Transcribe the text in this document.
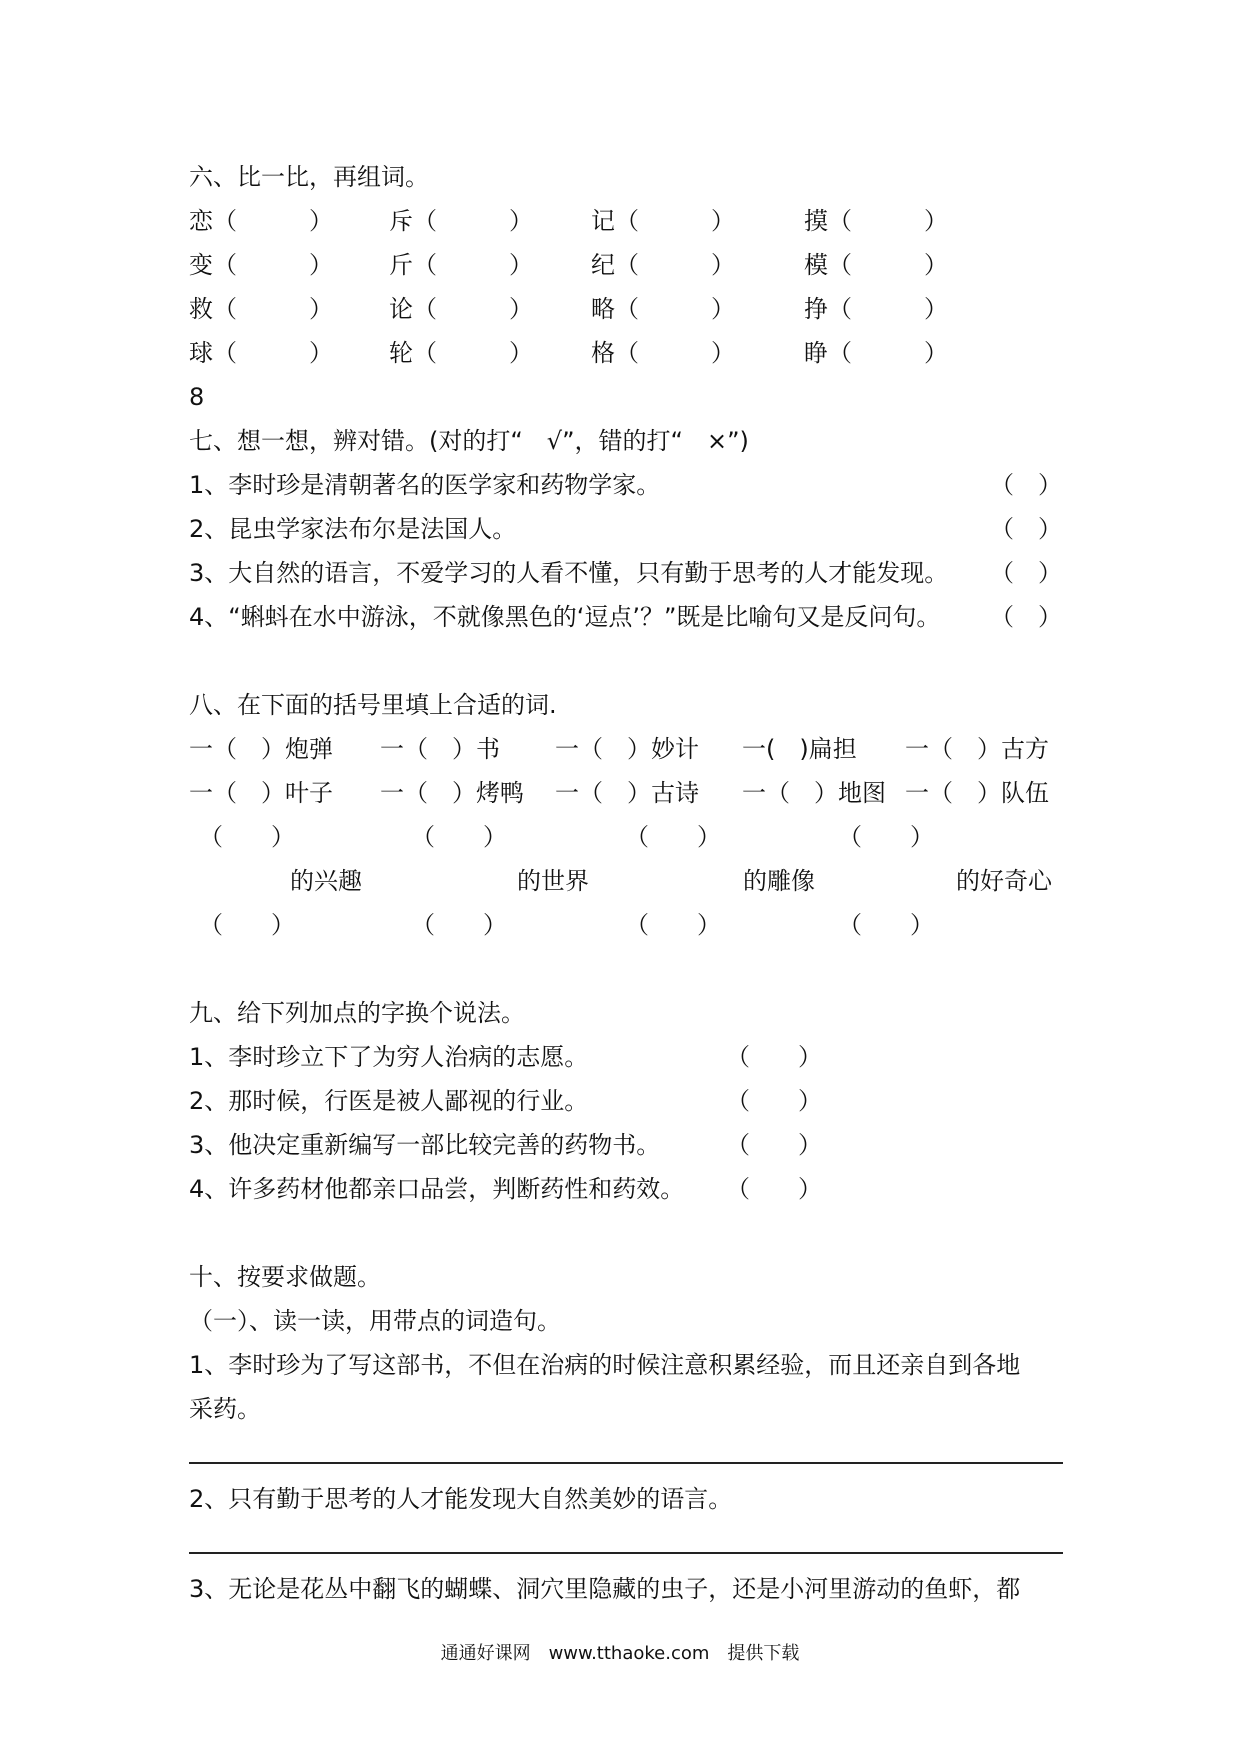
六、比一比，再组词。
恋（　　　） 斥（　　　） 记（　　　）	摸（　　　）
变（　　　） 斤（　　　） 纪（　　　）	模（　　　）
救（　　　） 论（　　　） 略（　　　）	挣（　　　）
球（　　　） 轮（　　　） 格（　　　）	睁（　　　）
8
七、想一想，辨对错。(对的打“　√”，错的打“　×”)
1、李时珍是清朝著名的医学家和药物学家。	（　）
2、昆虫学家法布尔是法国人。	（　）
3、大自然的语言，不爱学习的人看不懂，只有勤于思考的人才能发现。 （　）
4、“蝌蚪在水中游泳，不就像黑色的‘逗点’？”既是比喻句又是反问句。	（　）
八、在下面的括号里填上合适的词.
一（　）炮弹 一（　）书 一（　）妙计 一(　)扁担 一（　）古方
一（　）叶子 一（　）烤鸭 一（　）古诗 一（　）地图 一（　）队伍
（　　）	（　　）	（　　）	（　　）
的兴趣	的世界	的雕像	的好奇心
（　　）	（　　）	（　　）	（　　）
九、给下列加点的字换个说法。
1、李时珍立下了为穷人治病的志愿。	（　　）
2、那时候，行医是被人鄙视的行业。	（　　）
3、他决定重新编写一部比较完善的药物书。	（　　）
4、许多药材他都亲口品尝，判断药性和药效。 （　　）
十、按要求做题。
（一）、读一读，用带点的词造句。
1、李时珍为了写这部书，不但在治病的时候注意积累经验，而且还亲自到各地
采药。
2、只有勤于思考的人才能发现大自然美妙的语言。
3、无论是花丛中翻飞的蝴蝶、洞穴里隐藏的虫子，还是小河里游动的鱼虾，都
通通好课网　www.tthaoke.com　提供下载
